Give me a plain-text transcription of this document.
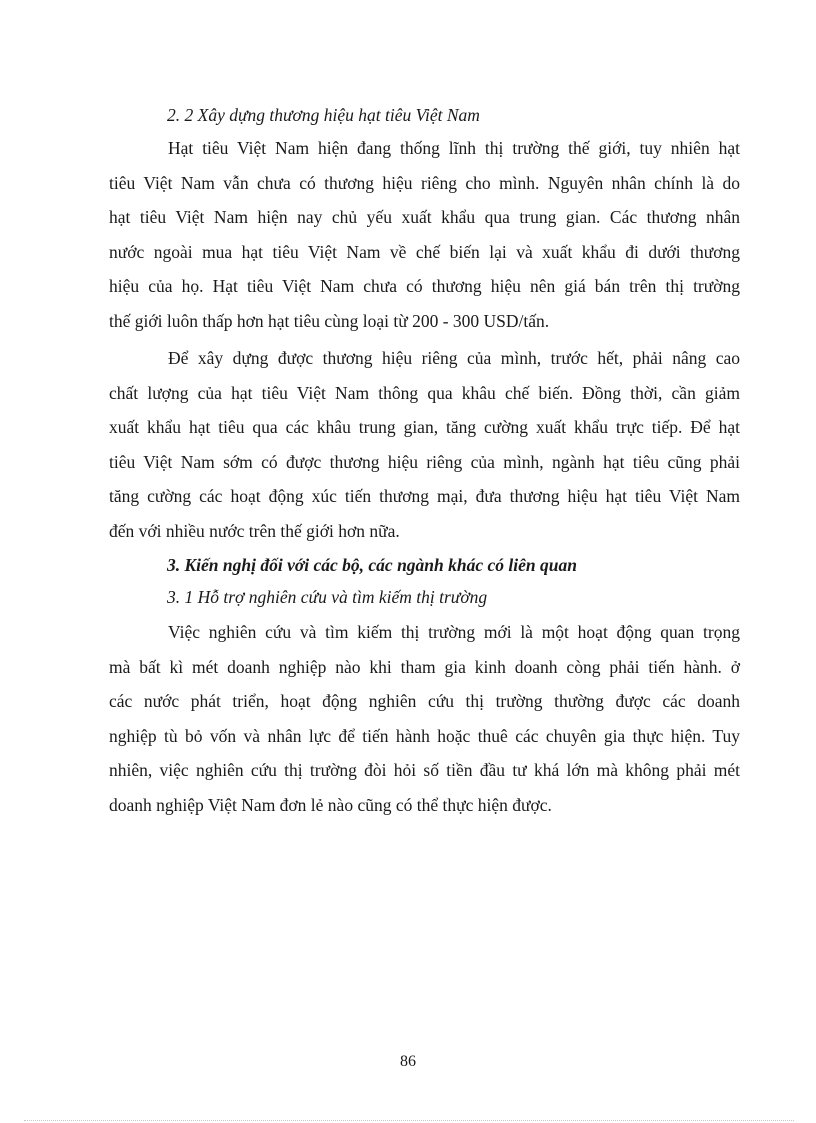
2. 2 Xây dựng thương hiệu hạt tiêu Việt Nam

Hạt tiêu Việt Nam hiện đang thống lĩnh thị trường thế giới, tuy nhiên hạt
tiêu Việt Nam vẫn chưa có thương hiệu riêng cho mình. Nguyên nhân chính là do
hạt tiêu Việt Nam hiện nay chủ yếu xuất khẩu qua trung gian. Các thương nhân
nước ngoài mua hạt tiêu Việt Nam về chế biến lại và xuất khẩu đi dưới thương
hiệu của họ. Hạt tiêu Việt Nam chưa có thương hiệu nên giá bán trên thị trường
thế giới luôn thấp hơn hạt tiêu cùng loại từ 200 - 300 USD/tấn.
Để xây dựng được thương hiệu riêng của mình, trước hết, phải nâng cao
chất lượng của hạt tiêu Việt Nam thông qua khâu chế biến. Đồng thời, cần giảm
xuất khẩu hạt tiêu qua các khâu trung gian, tăng cường xuất khẩu trực tiếp. Để hạt
tiêu Việt Nam sớm có được thương hiệu riêng của mình, ngành hạt tiêu cũng phải
tăng cường các hoạt động xúc tiến thương mại, đưa thương hiệu hạt tiêu Việt Nam
đến với nhiều nước trên thế giới hơn nữa.

3. Kiến nghị đối với các bộ, các ngành khác có liên quan

3. 1 Hỗ trợ nghiên cứu và tìm kiếm thị trường

Việc nghiên cứu và tìm kiếm thị trường mới là một hoạt động quan trọng
mà bất kì mét doanh nghiệp nào khi tham gia kinh doanh còng phải tiến hành. ở
các nước phát triển, hoạt động nghiên cứu thị trường thường được các doanh
nghiệp tù bỏ vốn và nhân lực để tiến hành hoặc thuê các chuyên gia thực hiện. Tuy
nhiên, việc nghiên cứu thị trường đòi hỏi số tiền đầu tư khá lớn mà không phải mét
doanh nghiệp Việt Nam đơn lẻ nào cũng có thể thực hiện được.
86
